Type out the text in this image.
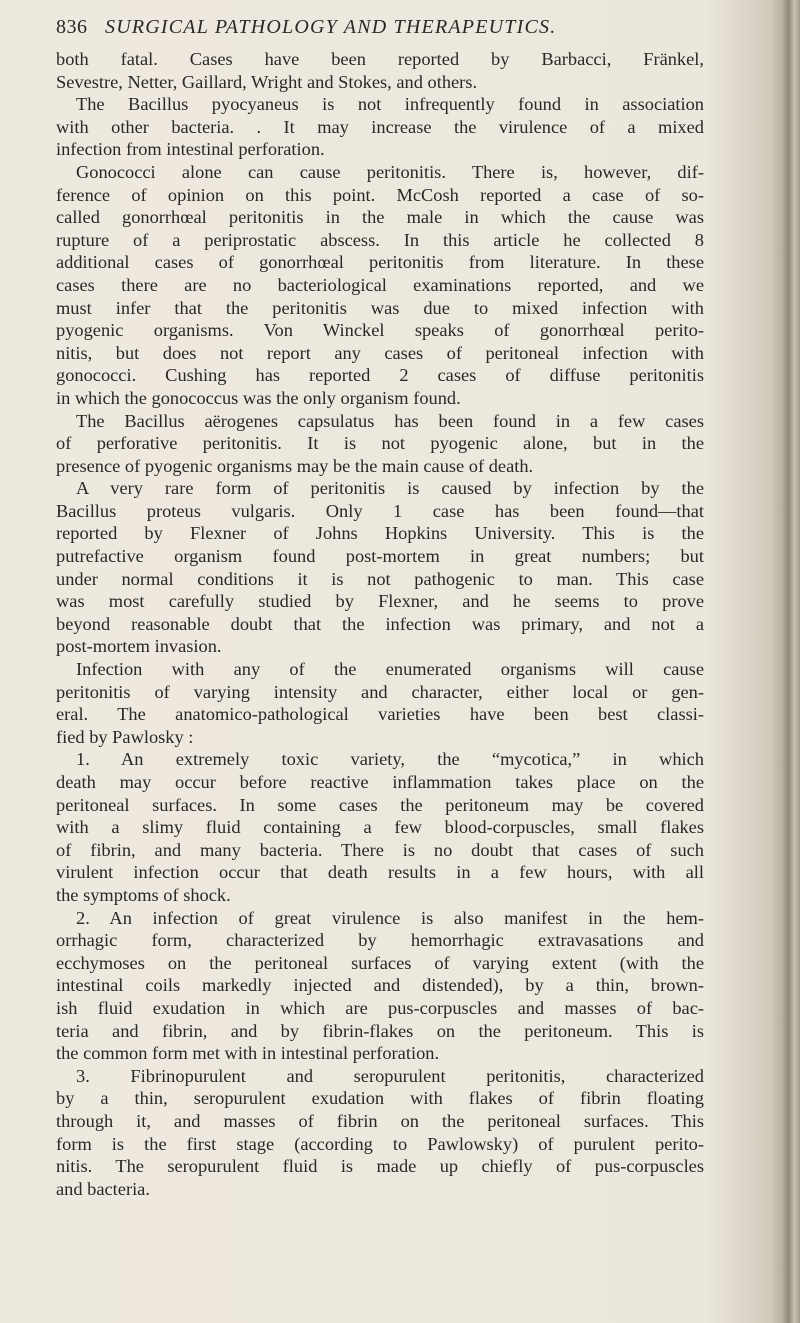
836 SURGICAL PATHOLOGY AND THERAPEUTICS.
both fatal. Cases have been reported by Barbacci, Fränkel,
Sevestre, Netter, Gaillard, Wright and Stokes, and others.
The Bacillus pyocyaneus is not infrequently found in association
with other bacteria. . It may increase the virulence of a mixed
infection from intestinal perforation.
Gonococci alone can cause peritonitis. There is, however, dif-
ference of opinion on this point. McCosh reported a case of so-
called gonorrhœal peritonitis in the male in which the cause was
rupture of a periprostatic abscess. In this article he collected 8
additional cases of gonorrhœal peritonitis from literature. In these
cases there are no bacteriological examinations reported, and we
must infer that the peritonitis was due to mixed infection with
pyogenic organisms. Von Winckel speaks of gonorrhœal perito-
nitis, but does not report any cases of peritoneal infection with
gonococci. Cushing has reported 2 cases of diffuse peritonitis
in which the gonococcus was the only organism found.
The Bacillus aërogenes capsulatus has been found in a few cases
of perforative peritonitis. It is not pyogenic alone, but in the
presence of pyogenic organisms may be the main cause of death.
A very rare form of peritonitis is caused by infection by the
Bacillus proteus vulgaris. Only 1 case has been found—that
reported by Flexner of Johns Hopkins University. This is the
putrefactive organism found post-mortem in great numbers; but
under normal conditions it is not pathogenic to man. This case
was most carefully studied by Flexner, and he seems to prove
beyond reasonable doubt that the infection was primary, and not a
post-mortem invasion.
Infection with any of the enumerated organisms will cause
peritonitis of varying intensity and character, either local or gen-
eral. The anatomico-pathological varieties have been best classi-
fied by Pawlosky :
1. An extremely toxic variety, the “mycotica,” in which
death may occur before reactive inflammation takes place on the
peritoneal surfaces. In some cases the peritoneum may be covered
with a slimy fluid containing a few blood-corpuscles, small flakes
of fibrin, and many bacteria. There is no doubt that cases of such
virulent infection occur that death results in a few hours, with all
the symptoms of shock.
2. An infection of great virulence is also manifest in the hem-
orrhagic form, characterized by hemorrhagic extravasations and
ecchymoses on the peritoneal surfaces of varying extent (with the
intestinal coils markedly injected and distended), by a thin, brown-
ish fluid exudation in which are pus-corpuscles and masses of bac-
teria and fibrin, and by fibrin-flakes on the peritoneum. This is
the common form met with in intestinal perforation.
3. Fibrinopurulent and seropurulent peritonitis, characterized
by a thin, seropurulent exudation with flakes of fibrin floating
through it, and masses of fibrin on the peritoneal surfaces. This
form is the first stage (according to Pawlowsky) of purulent perito-
nitis. The seropurulent fluid is made up chiefly of pus-corpuscles
and bacteria.
